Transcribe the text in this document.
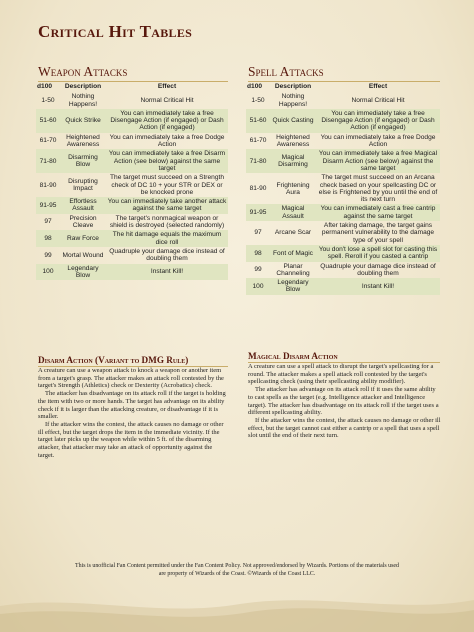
Critical Hit Tables
Weapon Attacks
d100	Description	Effect
1-50	Nothing Happens!	Normal Critical Hit
51-60	Quick Strike	You can immediately take a free Disengage Action (if engaged) or Dash Action (if engaged)
61-70	Heightened Awareness	You can immediately take a free Dodge Action
71-80	Disarming Blow	You can immediately take a free Disarm Action (see below) against the same target
81-90	Disrupting Impact	The target must succeed on a Strength check of DC 10 + your STR or DEX or be knocked prone
91-95	Effortless Assault	You can immediately take another attack against the same target
97	Precision Cleave	The target's nonmagical weapon or shield is destroyed (selected randomly)
98	Raw Force	The hit damage equals the maximum dice roll
99	Mortal Wound	Quadruple your damage dice instead of doubling them
100	Legendary Blow	Instant Kill!
Spell Attacks
d100	Description	Effect
1-50	Nothing Happens!	Normal Critical Hit
51-60	Quick Casting	You can immediately take a free Disengage Action (if engaged) or Dash Action (if engaged)
61-70	Heightened Awareness	You can immediately take a free Dodge Action
71-80	Magical Disarming	You can immediately take a free Magical Disarm Action (see below) against the same target
81-90	Frightening Aura	The target must succeed on an Arcana check based on your spellcasting DC or else is Frightened by you until the end of its next turn
91-95	Magical Assault	You can immediately cast a free cantrip against the same target
97	Arcane Scar	After taking damage, the target gains permanent vulnerability to the damage type of your spell
98	Font of Magic	You don't lose a spell slot for casting this spell. Reroll if you casted a cantrip
99	Planar Channeling	Quadruple your damage dice instead of doubling them
100	Legendary Blow	Instant Kill!
Disarm Action (Variant to DMG Rule)

A creature can use a weapon attack to knock a weapon or another item from a target's grasp. The attacker makes an attack roll contested by the target's Strength (Athletics) check or Dexterity (Acrobatics) check.

The attacker has disadvantage on its attack roll if the target is holding the item with two or more hands. The target has advantage on its ability check if it is larger than the attacking creature, or disadvantage if it is smaller.

If the attacker wins the contest, the attack causes no damage or other ill effect, but the target drops the item in the immediate vicinity. If the target later picks up the weapon while within 5 ft. of the disarming attacker, that attacker may take an attack of opportunity against the target.

Magical Disarm Action

A creature can use a spell attack to disrupt the target's spellcasting for a round. The attacker makes a spell attack roll contested by the target's spellcasting check (using their spellcasting ability modifier).

The attacker has advantage on its attack roll if it uses the same ability to cast spells as the target (e.g. Intelligence attacker and Intelligence target). The attacker has disadvantage on its attack roll if the target uses a different spellcasting ability.

If the attacker wins the contest, the attack causes no damage or other ill effect, but the target cannot cast either a cantrip or a spell that uses a spell slot until the end of their next turn.

This is unofficial Fan Content permitted under the Fan Content Policy. Not approved/endorsed by Wizards. Portions of the materials used
are property of Wizards of the Coast. ©Wizards of the Coast LLC.
